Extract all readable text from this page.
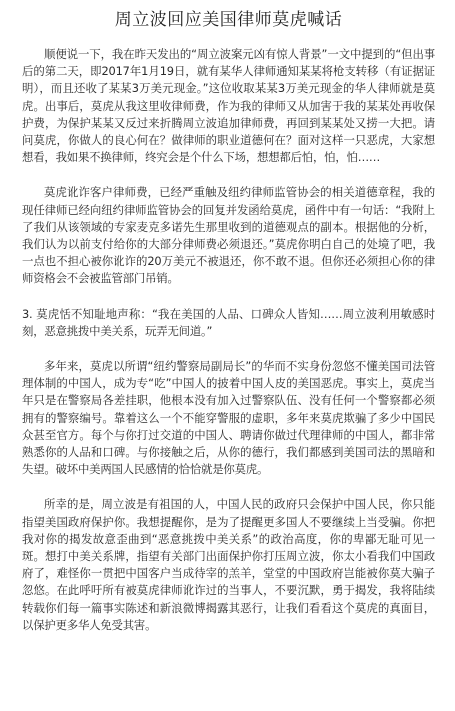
周立波回应美国律师莫虎喊话

顺便说一下，我在昨天发出的“周立波案元凶有惊人背景”一文中提到的“但出事后的第二天，即2017年1月19日，就有某华人律师通知某某将枪支转移（有证据证明），而且还收了某某3万美元现金。”这位收取某某3万美元现金的华人律师就是莫虎。出事后，莫虎从我这里收律师费，作为我的律师又从加害于我的某某处再收保护费，为保护某某又反过来折腾周立波追加律师费，再回到某某处又捞一大把。请问莫虎，你做人的良心何在？做律师的职业道德何在？面对这样一只恶虎，大家想想看，我如果不换律师，终究会是个什么下场，想想都后怕，怕，怕……

莫虎讹诈客户律师费，已经严重触及纽约律师监管协会的相关道德章程，我的现任律师已经向纽约律师监管协会的回复并发函给莫虎，函件中有一句话：“我附上了我们从该领域的专家麦克多诺先生那里收到的道德观点的副本。根据他的分析，我们认为以前支付给你的大部分律师费必须退还。”莫虎你明白自己的处境了吧，我一点也不担心被你讹诈的20万美元不被退还，你不敢不退。但你还必须担心你的律师资格会不会被监管部门吊销。

3. 莫虎恬不知耻地声称：“我在美国的人品、口碑众人皆知……周立波利用敏感时刻，恶意挑拨中美关系，玩弄无间道。”

多年来，莫虎以所谓“纽约警察局副局长”的华而不实身份忽悠不懂美国司法管理体制的中国人，成为专“吃”中国人的披着中国人皮的美国恶虎。事实上，莫虎当年只是在警察局各差挂职，他根本没有加入过警察队伍、没有任何一个警察都必须拥有的警察编号。靠着这么一个不能穿警服的虚职，多年来莫虎欺骗了多少中国民众甚至官方。每个与你打过交道的中国人、聘请你做过代理律师的中国人，都非常熟悉你的人品和口碑。与你接触之后，从你的德行，我们都感到美国司法的黑暗和失望。破坏中美两国人民感情的恰恰就是你莫虎。

所幸的是，周立波是有祖国的人，中国人民的政府只会保护中国人民，你只能指望美国政府保护你。我想提醒你，是为了提醒更多国人不要继续上当受骗。你把我对你的揭发故意歪曲到“恶意挑拨中美关系”的政治高度，你的卑鄙无耻可见一斑。想打中美关系牌，指望有关部门出面保护你打压周立波，你太小看我们中国政府了，难怪你一贯把中国客户当成待宰的羔羊，堂堂的中国政府岂能被你莫大骗子忽悠。在此呼吁所有被莫虎律师讹诈过的当事人，不要沉默，勇于揭发，我将陆续转载你们每一篇事实陈述和新浪微博揭露其恶行，让我们看看这个莫虎的真面目，以保护更多华人免受其害。
